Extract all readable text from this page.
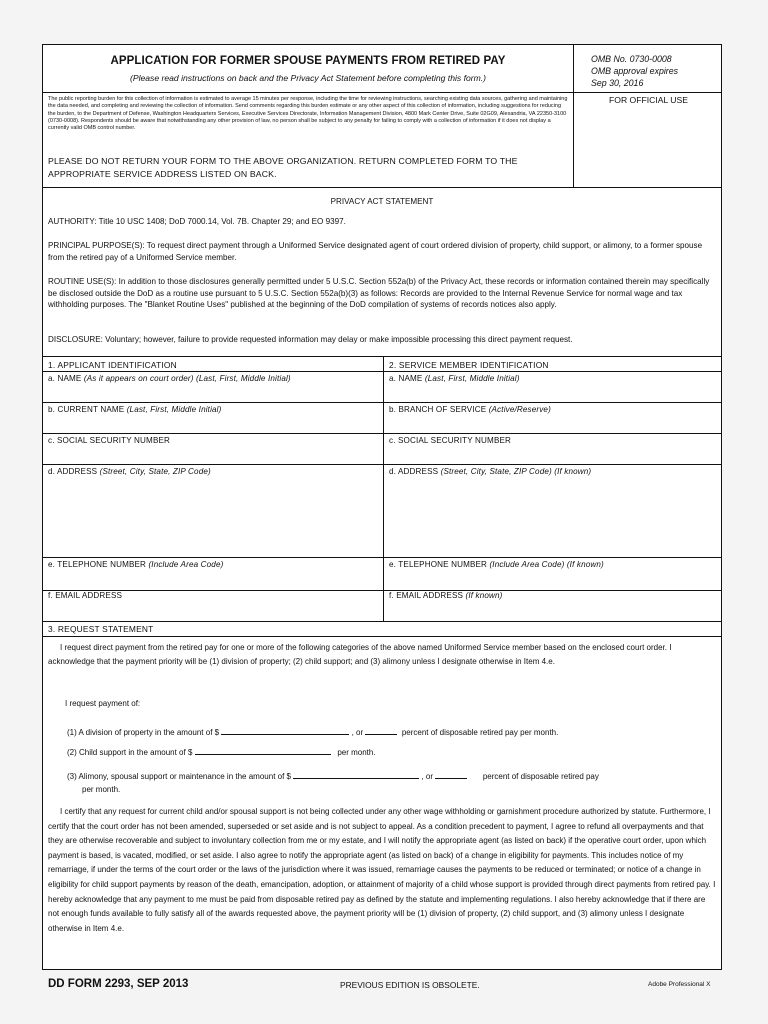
APPLICATION FOR FORMER SPOUSE PAYMENTS FROM RETIRED PAY
(Please read instructions on back and the Privacy Act Statement before completing this form.)
OMB No. 0730-0008
OMB approval expires
Sep 30, 2016
The public reporting burden for this collection of information is estimated to average 15 minutes per response, including the time for reviewing instructions, searching existing data sources, gathering and maintaining the data needed, and completing and reviewing the collection of information. Send comments regarding this burden estimate or any other aspect of this collection of information, including suggestions for reducing the burden, to the Department of Defense, Washington Headquarters Services, Executive Services Directorate, Information Management Division, 4800 Mark Center Drive, Suite 02G09, Alexandria, VA 22350-3100 (0730-0008). Respondents should be aware that notwithstanding any other provision of law, no person shall be subject to any penalty for failing to comply with a collection of information if it does not display a currently valid OMB control number.
FOR OFFICIAL USE
PLEASE DO NOT RETURN YOUR FORM TO THE ABOVE ORGANIZATION. RETURN COMPLETED FORM TO THE APPROPRIATE SERVICE ADDRESS LISTED ON BACK.
PRIVACY ACT STATEMENT
AUTHORITY: Title 10 USC 1408; DoD 7000.14, Vol. 7B. Chapter 29; and EO 9397.
PRINCIPAL PURPOSE(S): To request direct payment through a Uniformed Service designated agent of court ordered division of property, child support, or alimony, to a former spouse from the retired pay of a Uniformed Service member.
ROUTINE USE(S): In addition to those disclosures generally permitted under 5 U.S.C. Section 552a(b) of the Privacy Act, these records or information contained therein may specifically be disclosed outside the DoD as a routine use pursuant to 5 U.S.C. Section 552a(b)(3) as follows: Records are provided to the Internal Revenue Service for normal wage and tax withholding purposes. The "Blanket Routine Uses" published at the beginning of the DoD compilation of systems of records notices also apply.
DISCLOSURE: Voluntary; however, failure to provide requested information may delay or make impossible processing this direct payment request.
1. APPLICANT IDENTIFICATION	2. SERVICE MEMBER IDENTIFICATION
a. NAME (As it appears on court order) (Last, First, Middle Initial)	a. NAME (Last, First, Middle Initial)
b. CURRENT NAME (Last, First, Middle Initial)	b. BRANCH OF SERVICE (Active/Reserve)
c. SOCIAL SECURITY NUMBER	c. SOCIAL SECURITY NUMBER
d. ADDRESS (Street, City, State, ZIP Code)	d. ADDRESS (Street, City, State, ZIP Code) (If known)
e. TELEPHONE NUMBER (Include Area Code)	e. TELEPHONE NUMBER (Include Area Code) (If known)
f. EMAIL ADDRESS	f. EMAIL ADDRESS (If known)
3. REQUEST STATEMENT
I request direct payment from the retired pay for one or more of the following categories of the above named Uniformed Service member based on the enclosed court order. I acknowledge that the payment priority will be (1) division of property; (2) child support; and (3) alimony unless I designate otherwise in Item 4.e.
I request payment of:
(1) A division of property in the amount of $	, or	percent of disposable retired pay per month.
(2) Child support in the amount of $	per month.
(3) Alimony, spousal support or maintenance in the amount of $	, or	percent of disposable retired pay
per month.
I certify that any request for current child and/or spousal support is not being collected under any other wage withholding or garnishment procedure authorized by statute. Furthermore, I certify that the court order has not been amended, superseded or set aside and is not subject to appeal. As a condition precedent to payment, I agree to refund all overpayments and that they are otherwise recoverable and subject to involuntary collection from me or my estate, and I will notify the appropriate agent (as listed on back) if the operative court order, upon which payment is based, is vacated, modified, or set aside. I also agree to notify the appropriate agent (as listed on back) of a change in eligibility for payments. This includes notice of my remarriage, if under the terms of the court order or the laws of the jurisdiction where it was issued, remarriage causes the payments to be reduced or terminated; or notice of a change in eligibility for child support payments by reason of the death, emancipation, adoption, or attainment of majority of a child whose support is provided through direct payments from retired pay. I hereby acknowledge that any payment to me must be paid from disposable retired pay as defined by the statute and implementing regulations. I also hereby acknowledge that if there are not enough funds available to fully satisfy all of the awards requested above, the payment priority will be (1) division of property, (2) child support, and (3) alimony unless I designate otherwise in Item 4.e.
DD FORM 2293, SEP 2013	PREVIOUS EDITION IS OBSOLETE.	Adobe Professional X
